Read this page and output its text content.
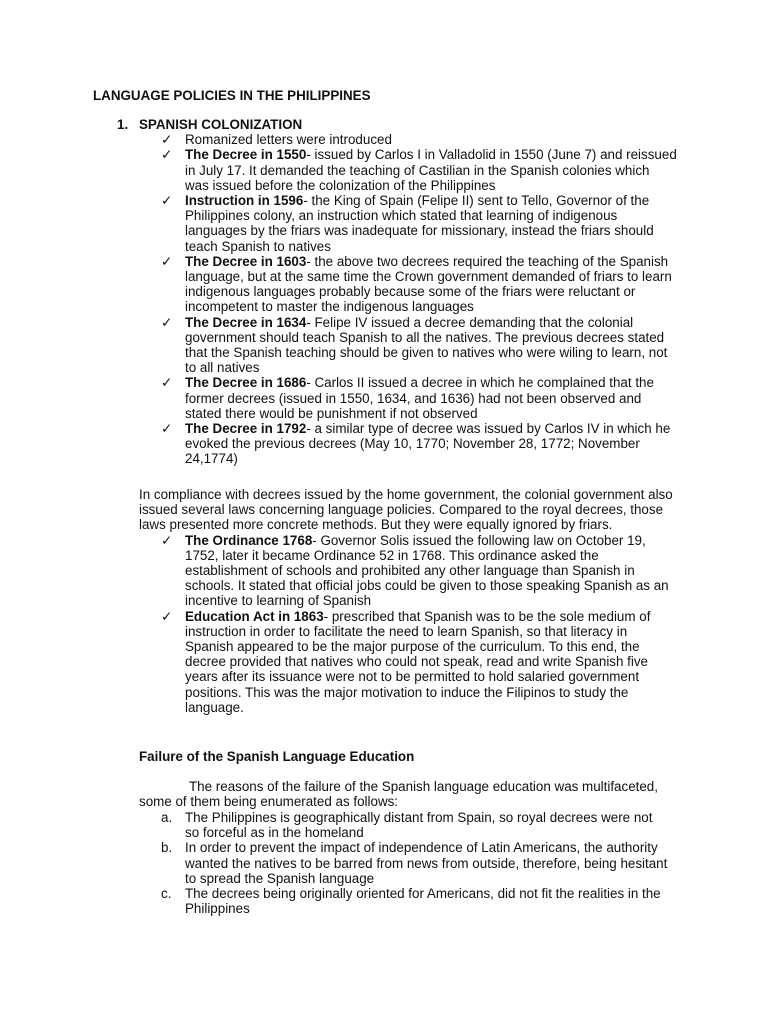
LANGUAGE POLICIES IN THE PHILIPPINES
1. SPANISH COLONIZATION
✓ Romanized letters were introduced
✓ The Decree in 1550- issued by Carlos I in Valladolid in 1550 (June 7) and reissued in July 17. It demanded the teaching of Castilian in the Spanish colonies which was issued before the colonization of the Philippines
✓ Instruction in 1596- the King of Spain (Felipe II) sent to Tello, Governor of the Philippines colony, an instruction which stated that learning of indigenous languages by the friars was inadequate for missionary, instead the friars should teach Spanish to natives
✓ The Decree in 1603- the above two decrees required the teaching of the Spanish language, but at the same time the Crown government demanded of friars to learn indigenous languages probably because some of the friars were reluctant or incompetent to master the indigenous languages
✓ The Decree in 1634- Felipe IV issued a decree demanding that the colonial government should teach Spanish to all the natives. The previous decrees stated that the Spanish teaching should be given to natives who were wiling to learn, not to all natives
✓ The Decree in 1686- Carlos II issued a decree in which he complained that the former decrees (issued in 1550, 1634, and 1636) had not been observed and stated there would be punishment if not observed
✓ The Decree in 1792- a similar type of decree was issued by Carlos IV in which he evoked the previous decrees (May 10, 1770; November 28, 1772; November 24,1774)
In compliance with decrees issued by the home government, the colonial government also issued several laws concerning language policies. Compared to the royal decrees, those laws presented more concrete methods. But they were equally ignored by friars.
✓ The Ordinance 1768- Governor Solis issued the following law on October 19, 1752, later it became Ordinance 52 in 1768. This ordinance asked the establishment of schools and prohibited any other language than Spanish in schools. It stated that official jobs could be given to those speaking Spanish as an incentive to learning of Spanish
✓ Education Act in 1863- prescribed that Spanish was to be the sole medium of instruction in order to facilitate the need to learn Spanish, so that literacy in Spanish appeared to be the major purpose of the curriculum. To this end, the decree provided that natives who could not speak, read and write Spanish five years after its issuance were not to be permitted to hold salaried government positions. This was the major motivation to induce the Filipinos to study the language.
Failure of the Spanish Language Education
The reasons of the failure of the Spanish language education was multifaceted, some of them being enumerated as follows:
a. The Philippines is geographically distant from Spain, so royal decrees were not so forceful as in the homeland
b. In order to prevent the impact of independence of Latin Americans, the authority wanted the natives to be barred from news from outside, therefore, being hesitant to spread the Spanish language
c. The decrees being originally oriented for Americans, did not fit the realities in the Philippines
